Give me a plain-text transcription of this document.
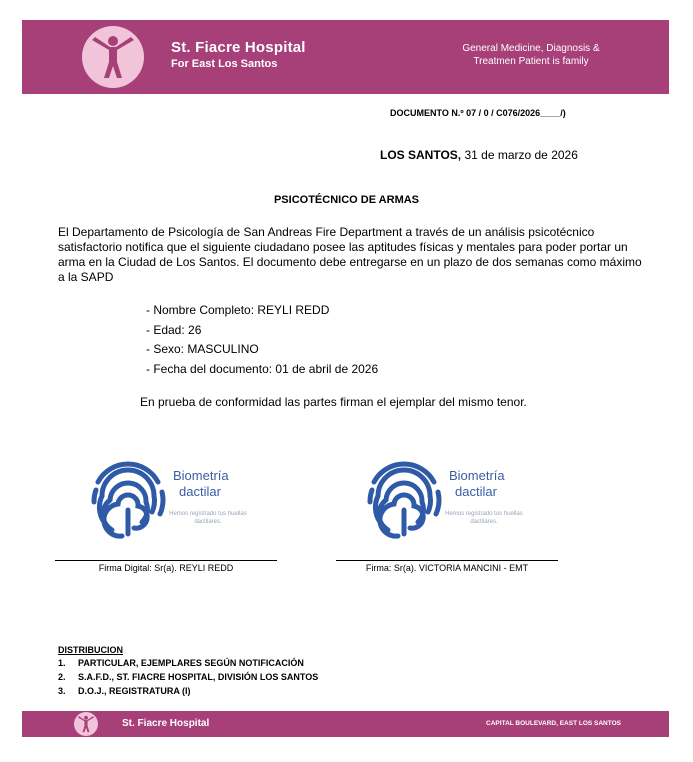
St. Fiacre Hospital
For East Los Santos
General Medicine, Diagnosis &
Treatmen Patient is family
DOCUMENTO N.º 07 / 0 / C076/2026____/)
LOS SANTOS, 31 de marzo de 2026
PSICOTÉCNICO DE ARMAS
El Departamento de Psicología de San Andreas Fire Department a través de un análisis psicotécnico satisfactorio notifica que el siguiente ciudadano posee las aptitudes físicas y mentales para poder portar un arma en la Ciudad de Los Santos. El documento debe entregarse en un plazo de dos semanas como máximo a la SAPD
- Nombre Completo: REYLI REDD
- Edad: 26
- Sexo: MASCULINO
- Fecha del documento: 01 de abril de 2026
En prueba de conformidad las partes firman el ejemplar del mismo tenor.
Biometría
dactilar
Hemos registrado tus huellas dactilares.
Biometría
dactilar
Hemos registrado tus huellas dactilares.
Firma Digital: Sr(a). REYLI REDD	Firma: Sr(a). VICTORIA MANCINI - EMT
DISTRIBUCION
1. PARTICULAR, EJEMPLARES SEGÚN NOTIFICACIÓN
2. S.A.F.D., ST. FIACRE HOSPITAL, DIVISIÓN LOS SANTOS
3. D.O.J., REGISTRATURA (I)
St. Fiacre Hospital	CAPITAL BOULEVARD, EAST LOS SANTOS
